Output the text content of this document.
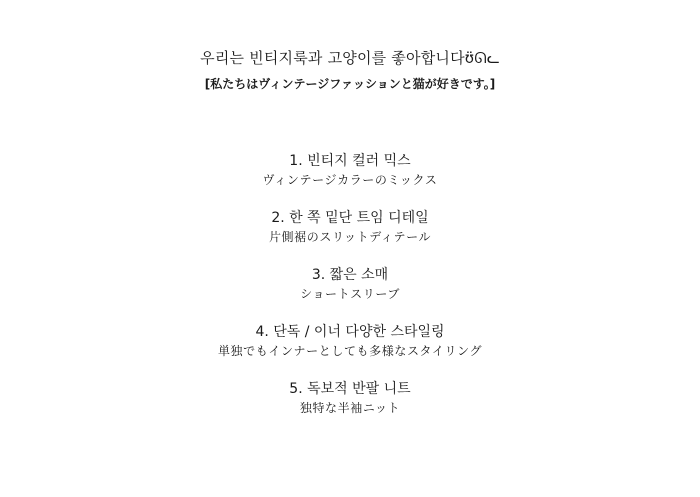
우리는 빈티지룩과 고양이를 좋아합니다ʊ̈ᘏᓚ
[私たちはヴィンテージファッションと猫が好きです。]
1. 빈티지 컬러 믹스
ヴィンテージカラーのミックス
2. 한 쪽 밑단 트임 디테일
片側裾のスリットディテール
3. 짧은 소매
ショートスリーブ
4. 단독 / 이너 다양한 스타일링
単独でもインナーとしても多様なスタイリング
5. 독보적 반팔 니트
独特な半袖ニット
